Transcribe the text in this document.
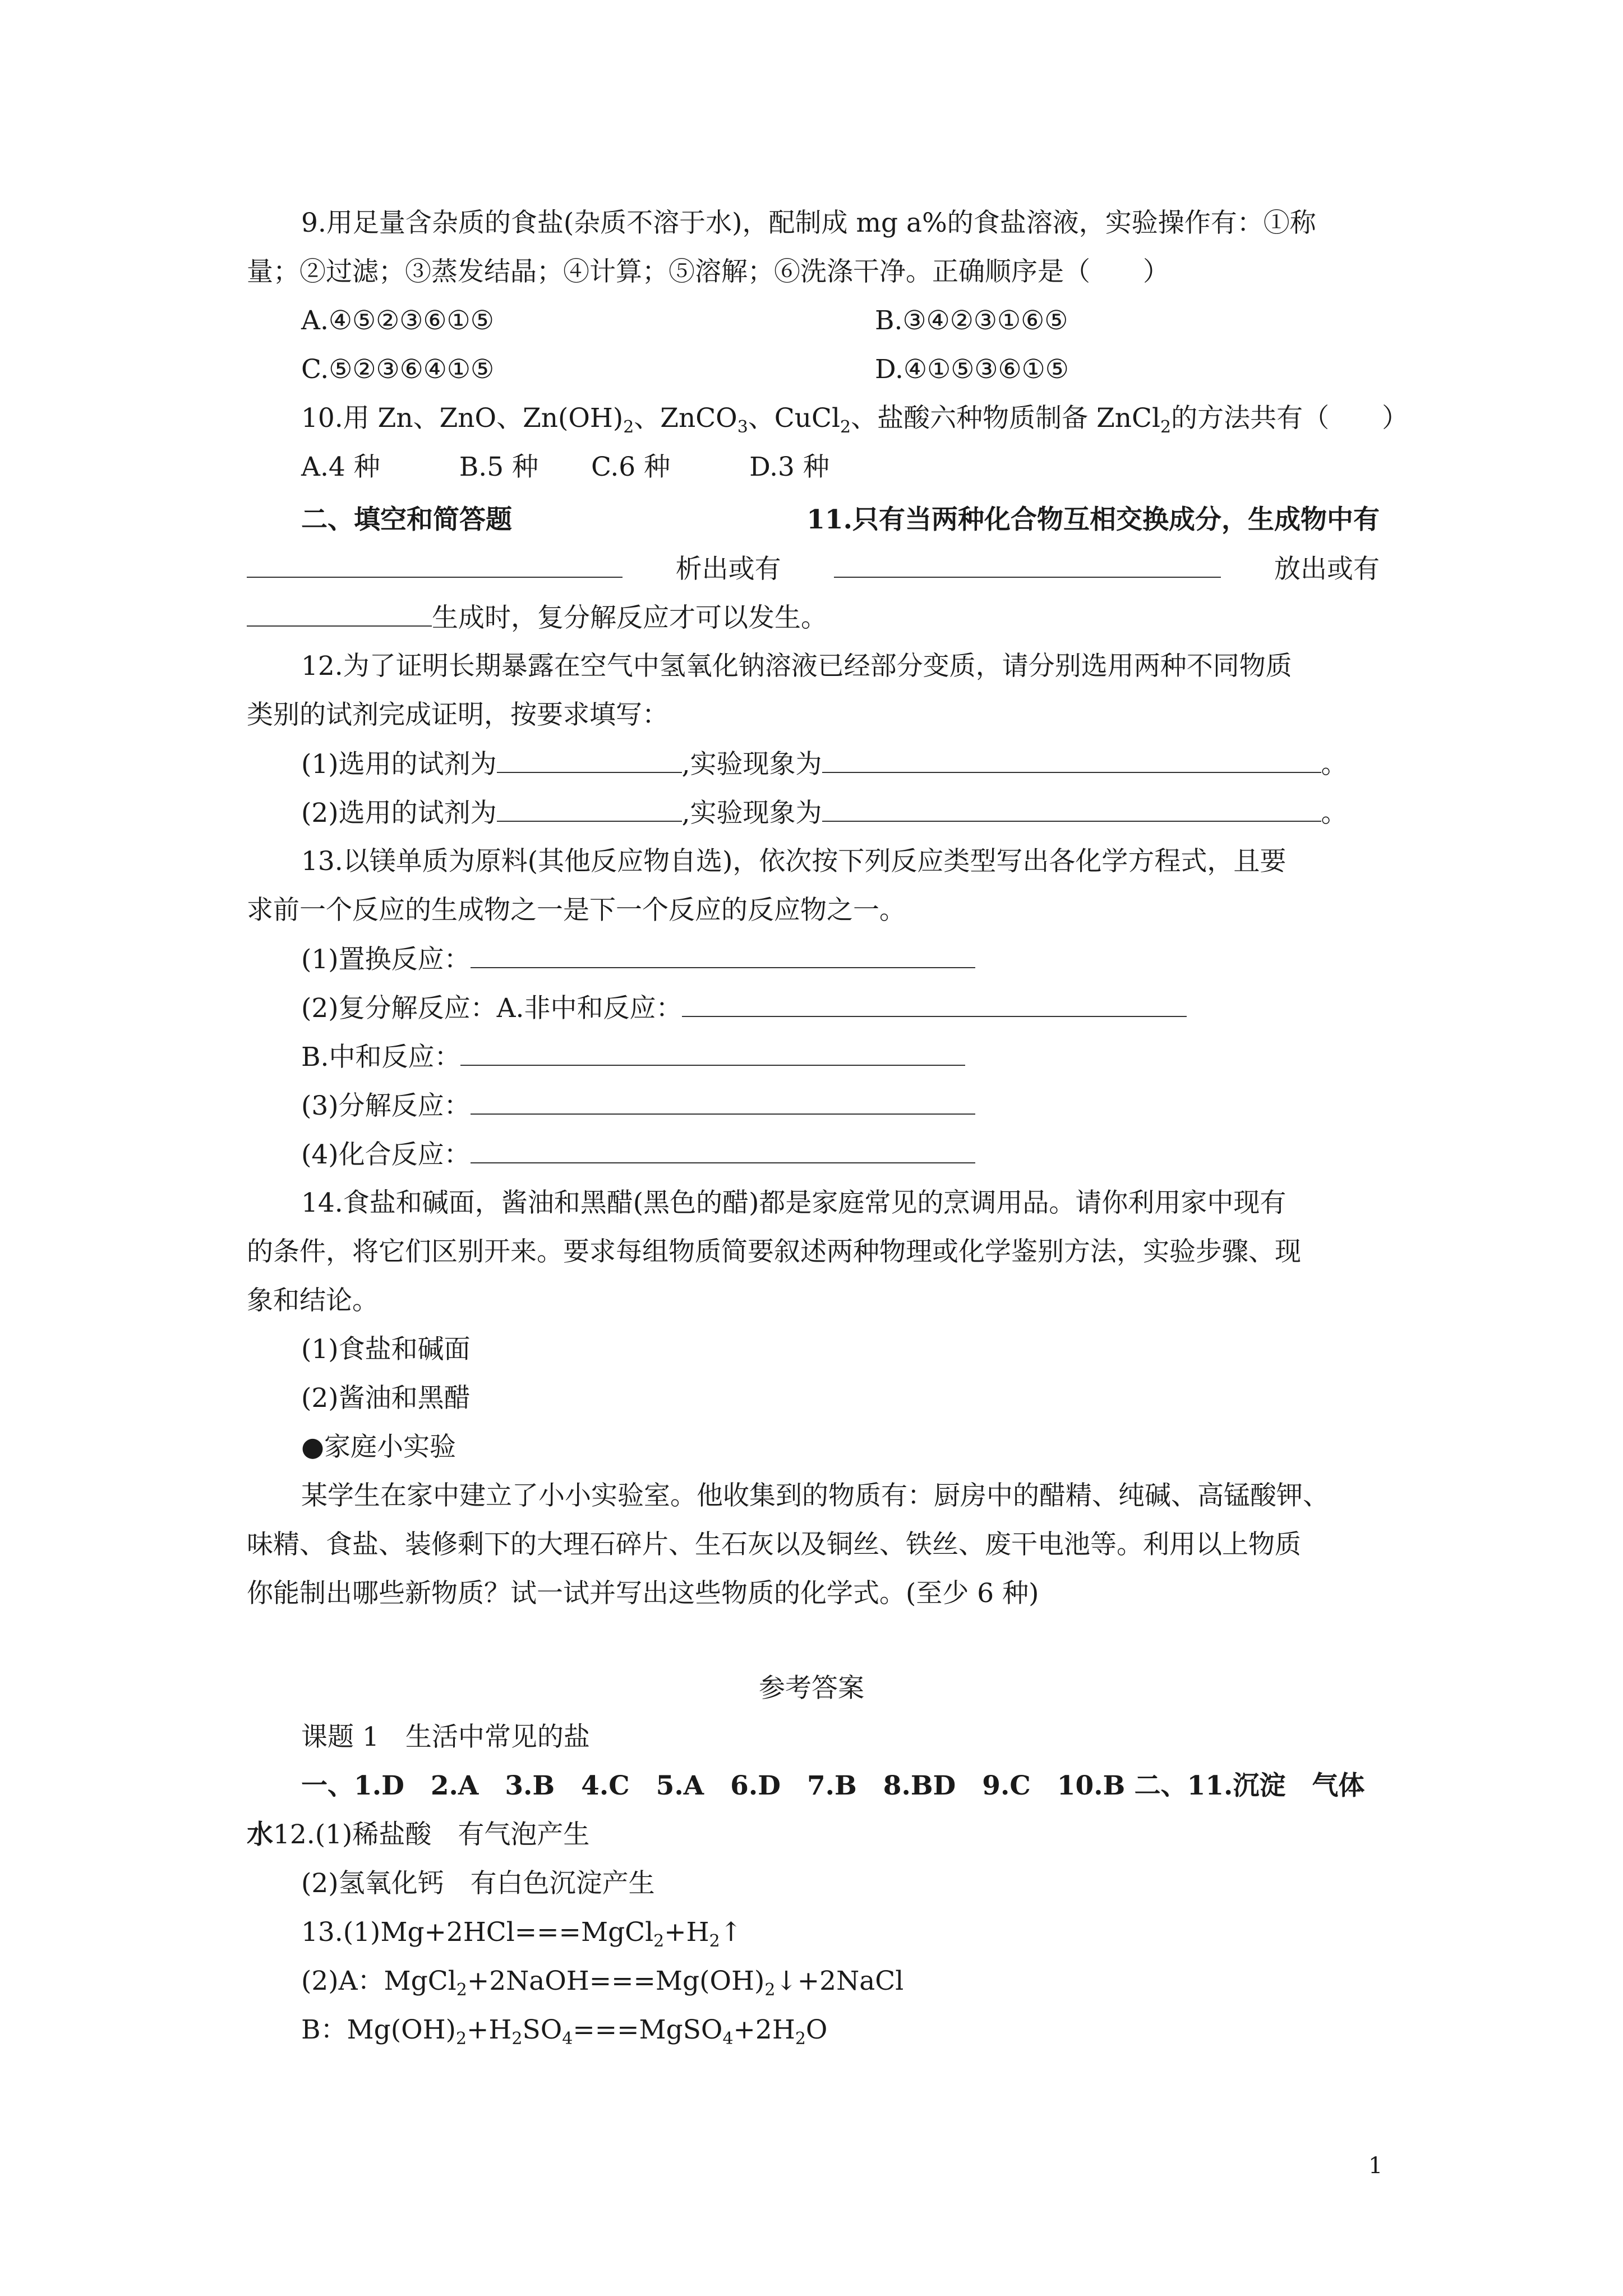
9.用足量含杂质的食盐(杂质不溶于水)，配制成 mg a%的食盐溶液，实验操作有：①称
量；②过滤；③蒸发结晶；④计算；⑤溶解；⑥洗涤干净。正确顺序是（　　）
A.④⑤②③⑥①⑤	B.③④②③①⑥⑤
C.⑤②③⑥④①⑤	D.④①⑤③⑥①⑤
10.用 Zn、ZnO、$Zn(OH)_2$、ZnCO$_3$、CuCl$_2$、盐酸六种物质制备 ZnCl$_2$的方法共有（　　）
A.4 种　　　B.5 种　　C.6 种　　　D.3 种
二、填空和简答题	11.只有当两种化合物互相交换成分，生成物中有
析出或有	放出或有
生成时，复分解反应才可以发生。
12.为了证明长期暴露在空气中氢氧化钠溶液已经部分变质，请分别选用两种不同物质
类别的试剂完成证明，按要求填写：
(1)选用的试剂为	,实验现象为	。
(2)选用的试剂为	,实验现象为	。
13.以镁单质为原料(其他反应物自选)，依次按下列反应类型写出各化学方程式，且要
求前一个反应的生成物之一是下一个反应的反应物之一。
(1)置换反应：
(2)复分解反应：A.非中和反应：
B.中和反应：
(3)分解反应：
(4)化合反应：
14.食盐和碱面，酱油和黑醋(黑色的醋)都是家庭常见的烹调用品。请你利用家中现有
的条件，将它们区别开来。要求每组物质简要叙述两种物理或化学鉴别方法，实验步骤、现
象和结论。
(1)食盐和碱面
(2)酱油和黑醋
●家庭小实验
某学生在家中建立了小小实验室。他收集到的物质有：厨房中的醋精、纯碱、高锰酸钾、
味精、食盐、装修剩下的大理石碎片、生石灰以及铜丝、铁丝、废干电池等。利用以上物质
你能制出哪些新物质？试一试并写出这些物质的化学式。(至少 6 种)
参考答案
课题 1　生活中常见的盐
一、1.D　2.A　3.B　4.C　5.A　6.D　7.B　8.BD　9.C　10.B 二、11.沉淀　气体
水12.(1)稀盐酸　有气泡产生
(2)氢氧化钙　有白色沉淀产生
$13.(1)Mg+2HCl===MgCl_2+H_2↑$
(2)A：$MgCl_2+2NaOH===Mg(OH)_2↓+2NaCl$
B：$Mg(OH)_2+H_2SO_4===MgSO_4+2H_2O$
1
